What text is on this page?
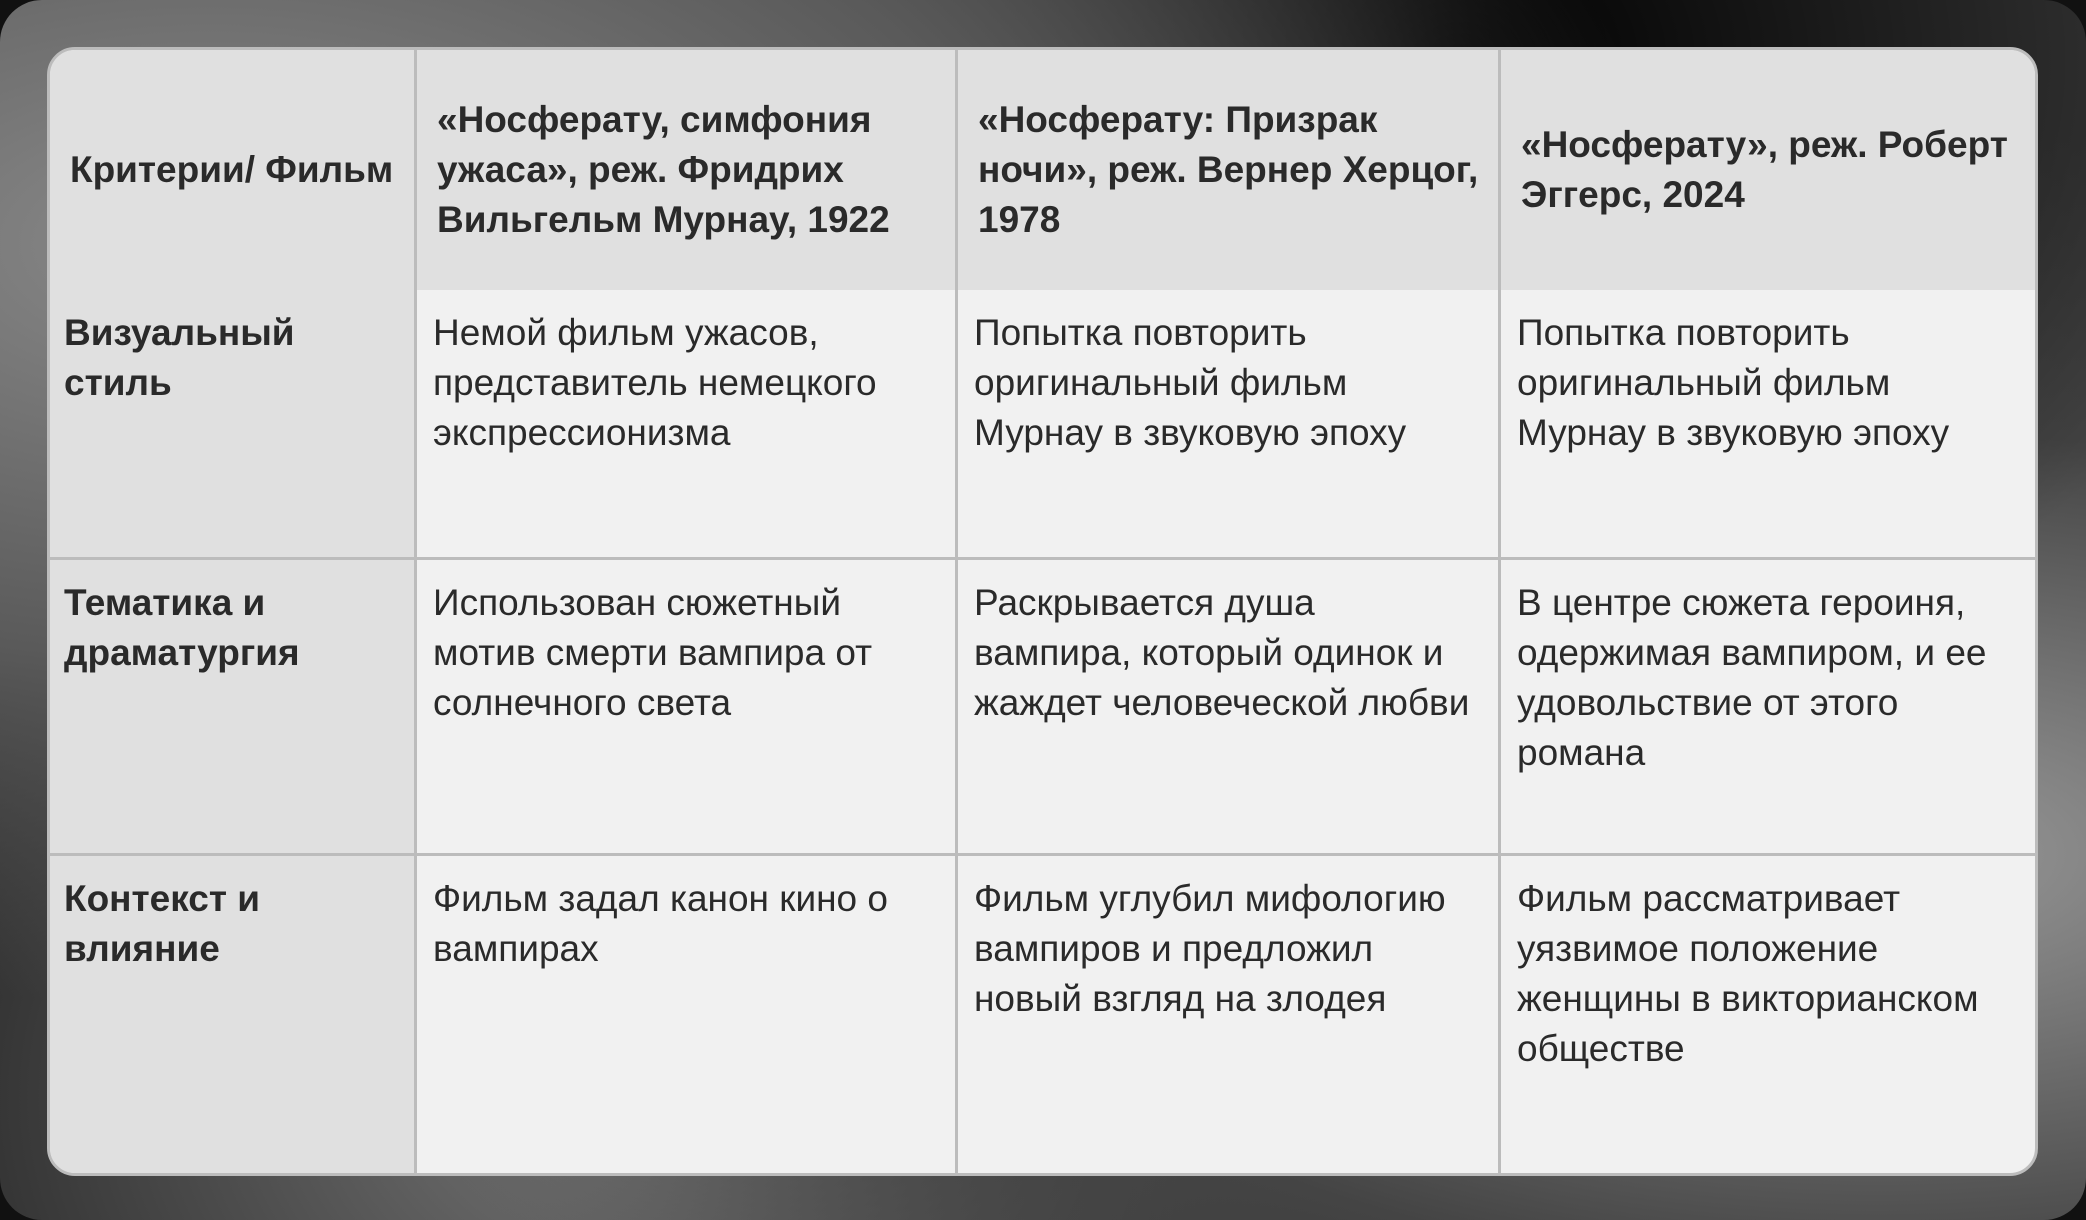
Критерии/ Фильм	«Носферату, симфония ужаса», реж. Фридрих Вильгельм Мурнау, 1922	«Носферату: Призрак ночи», реж. Вернер Херцог, 1978	«Носферату», реж. Роберт Эггерс, 2024
Визуальный стиль	Немой фильм ужасов, представитель немецкого экспрессионизма	Попытка повторить оригинальный фильм Мурнау в звуковую эпоху	Попытка повторить оригинальный фильм Мурнау в звуковую эпоху
Тематика и драматургия	Использован сюжетный мотив смерти вампира от солнечного света	Раскрывается душа вампира, который одинок и жаждет человеческой любви	В центре сюжета героиня, одержимая вампиром, и ее удовольствие от этого романа
Контекст и влияние	Фильм задал канон кино о вампирах	Фильм углубил мифологию вампиров и предложил новый взгляд на злодея	Фильм рассматривает уязвимое положение женщины в викторианском обществе
